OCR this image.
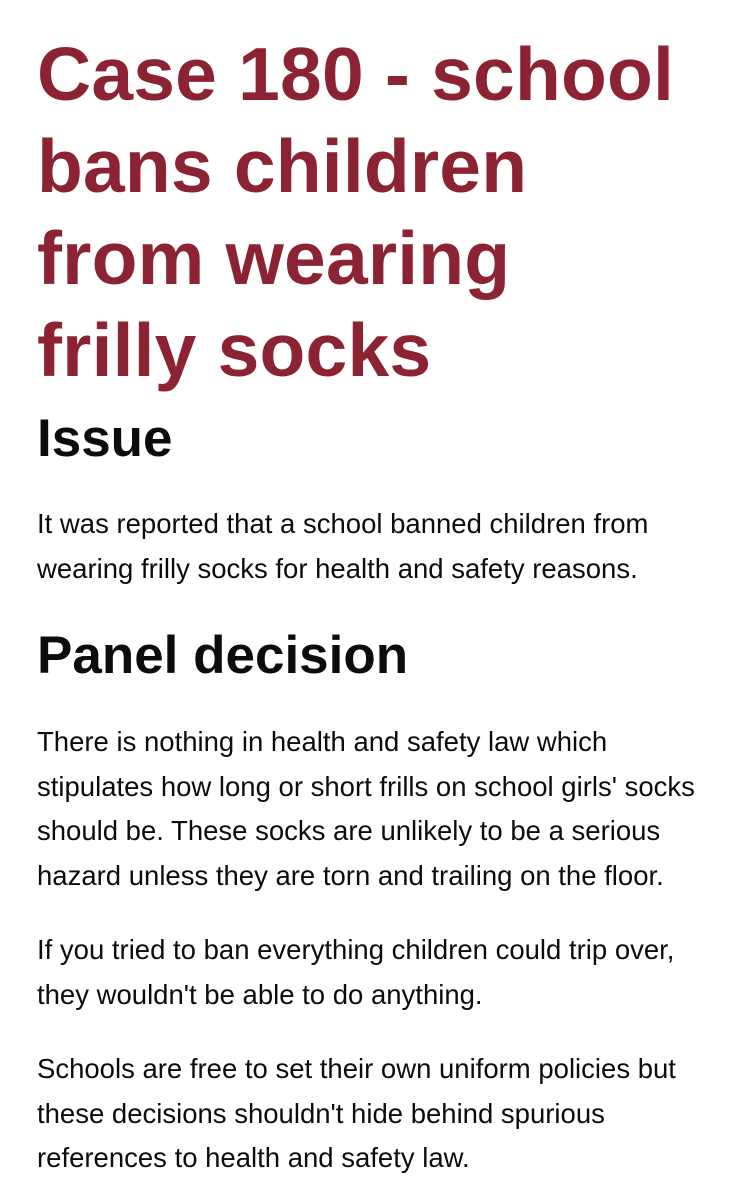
Case 180 - school
bans children
from wearing
frilly socks
Issue

It was reported that a school banned children from
wearing frilly socks for health and safety reasons.

Panel decision

There is nothing in health and safety law which
stipulates how long or short frills on school girls' socks
should be. These socks are unlikely to be a serious
hazard unless they are torn and trailing on the floor.

If you tried to ban everything children could trip over,
they wouldn't be able to do anything.

Schools are free to set their own uniform policies but
these decisions shouldn't hide behind spurious
references to health and safety law.
